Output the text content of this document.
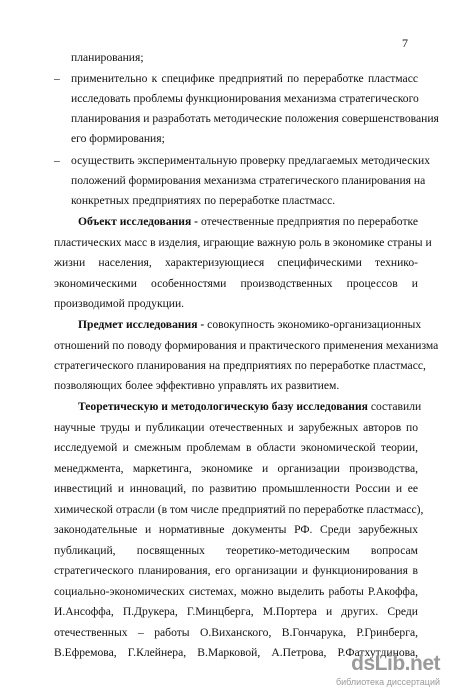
7
планирования;
– применительно к специфике предприятий по переработке пластмасс
исследовать проблемы функционирования механизма стратегического
планирования и разработать методические положения совершенствования
его формирования;
– осуществить экспериментальную проверку предлагаемых методических
положений формирования механизма стратегического планирования на
конкретных предприятиях по переработке пластмасс.
Объект исследования - отечественные предприятия по переработке
пластических масс в изделия, играющие важную роль в экономике страны и
жизни населения, характеризующиеся специфическими технико-
экономическими особенностями производственных процессов и
производимой продукции.
Предмет исследования - совокупность экономико-организационных
отношений по поводу формирования и практического применения механизма
стратегического планирования на предприятиях по переработке пластмасс,
позволяющих более эффективно управлять их развитием.
Теоретическую и методологическую базу исследования составили
научные труды и публикации отечественных и зарубежных авторов по
исследуемой и смежным проблемам в области экономической теории,
менеджмента, маркетинга, экономике и организации производства,
инвестиций и инноваций, по развитию промышленности России и ее
химической отрасли (в том числе предприятий по переработке пластмасс),
законодательные и нормативные документы РФ. Среди зарубежных
публикаций, посвященных теоретико-методическим вопросам
стратегического планирования, его организации и функционирования в
социально-экономических системах, можно выделить работы Р.Акоффа,
И.Ансоффа, П.Друкера, Г.Минцберга, М.Портера и других. Среди
отечественных – работы О.Виханского, В.Гончарука, Р.Гринберга,
В.Ефремова, Г.Клейнера, В.Марковой, А.Петрова, Р.Фатхутдинова,
dsLib.net
библиотека диссертаций
